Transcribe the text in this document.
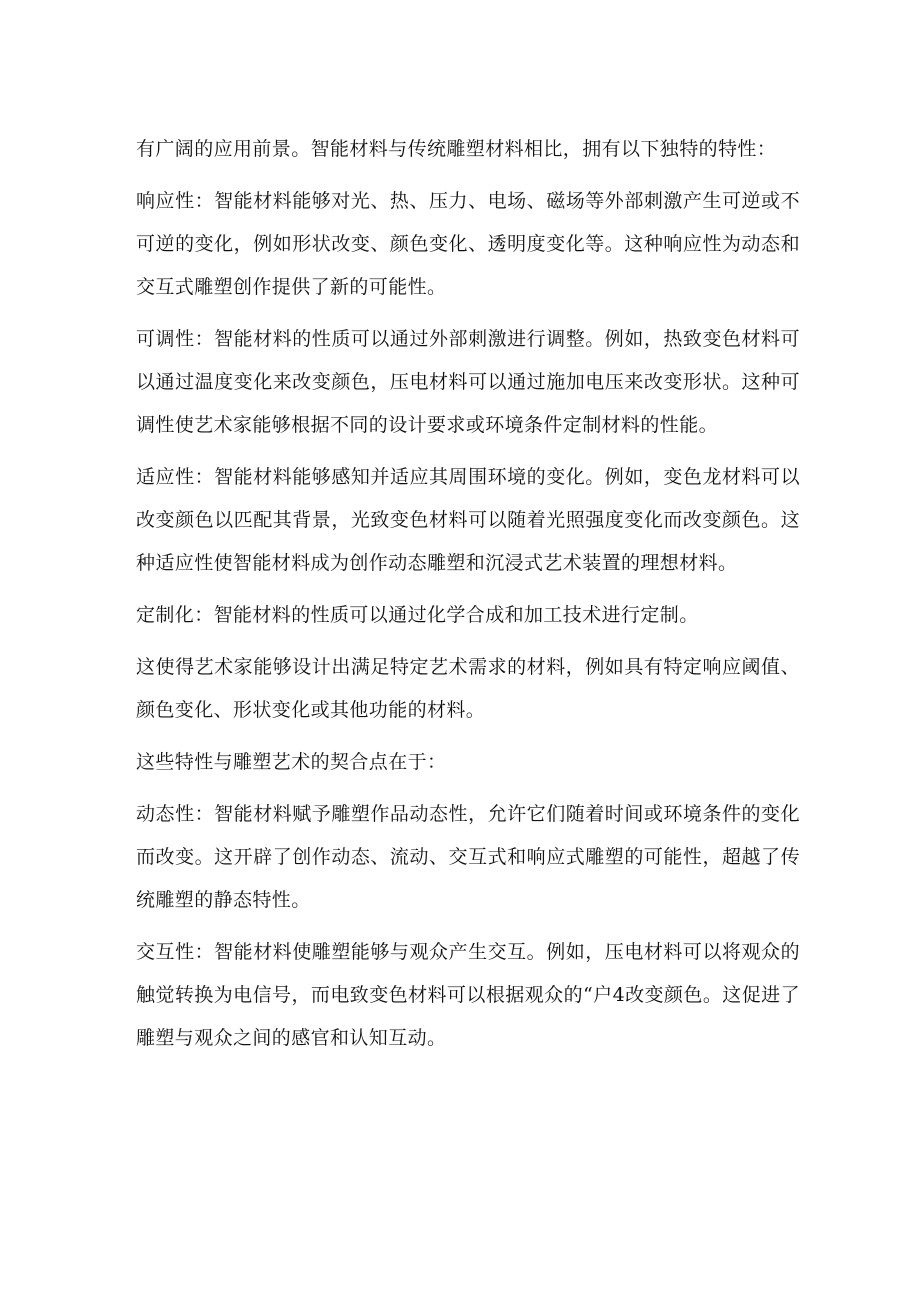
有广阔的应用前景。智能材料与传统雕塑材料相比，拥有以下独特的特性：

响应性：智能材料能够对光、热、压力、电场、磁场等外部刺激产生可逆或不可逆的变化，例如形状改变、颜色变化、透明度变化等。这种响应性为动态和交互式雕塑创作提供了新的可能性。

可调性：智能材料的性质可以通过外部刺激进行调整。例如，热致变色材料可以通过温度变化来改变颜色，压电材料可以通过施加电压来改变形状。这种可调性使艺术家能够根据不同的设计要求或环境条件定制材料的性能。

适应性：智能材料能够感知并适应其周围环境的变化。例如，变色龙材料可以改变颜色以匹配其背景，光致变色材料可以随着光照强度变化而改变颜色。这种适应性使智能材料成为创作动态雕塑和沉浸式艺术装置的理想材料。

定制化：智能材料的性质可以通过化学合成和加工技术进行定制。

这使得艺术家能够设计出满足特定艺术需求的材料，例如具有特定响应阈值、颜色变化、形状变化或其他功能的材料。

这些特性与雕塑艺术的契合点在于：

动态性：智能材料赋予雕塑作品动态性，允许它们随着时间或环境条件的变化而改变。这开辟了创作动态、流动、交互式和响应式雕塑的可能性，超越了传统雕塑的静态特性。

交互性：智能材料使雕塑能够与观众产生交互。例如，压电材料可以将观众的触觉转换为电信号，而电致变色材料可以根据观众的“户4改变颜色。这促进了雕塑与观众之间的感官和认知互动。
